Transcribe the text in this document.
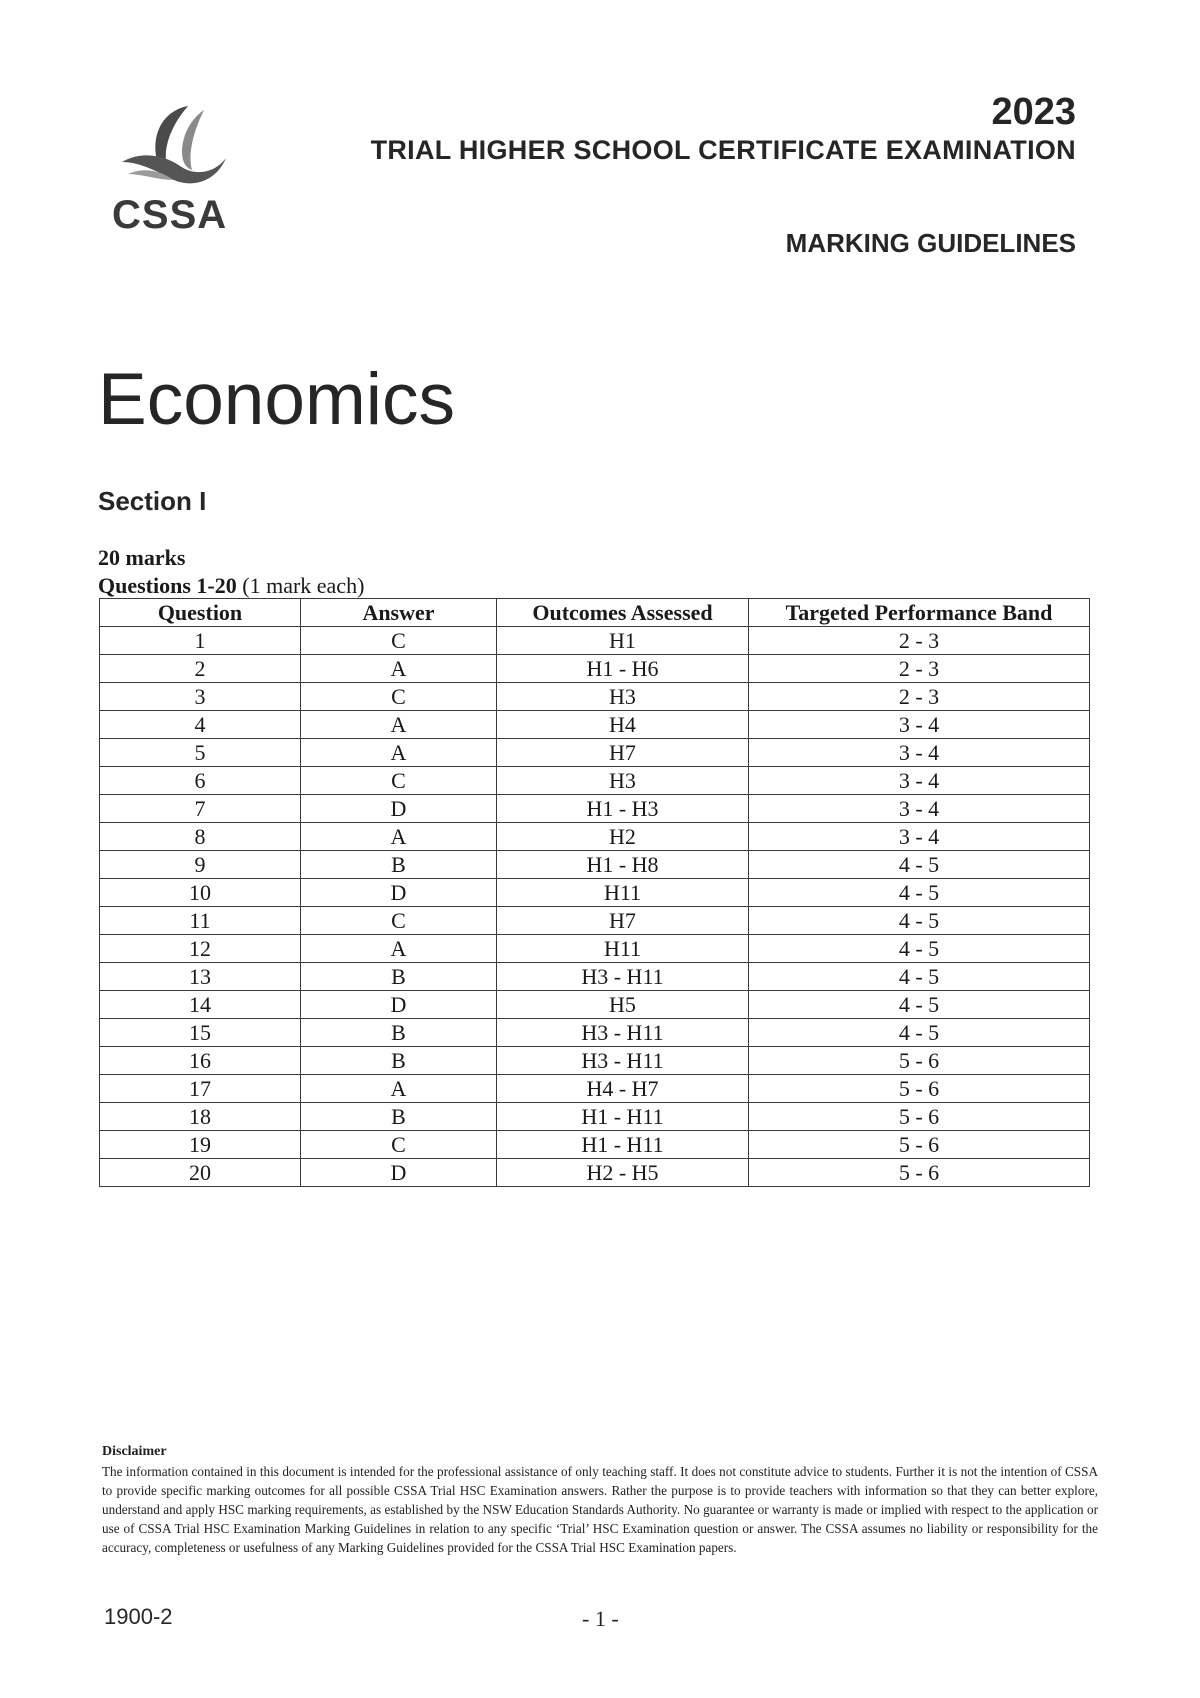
CSSA
2023
TRIAL HIGHER SCHOOL CERTIFICATE EXAMINATION
MARKING GUIDELINES
Economics
Section I
20 marks
Questions 1-20 (1 mark each)
Question	Answer	Outcomes Assessed	Targeted Performance Band
1	C	H1	2 - 3
2	A	H1 - H6	2 - 3
3	C	H3	2 - 3
4	A	H4	3 - 4
5	A	H7	3 - 4
6	C	H3	3 - 4
7	D	H1 - H3	3 - 4
8	A	H2	3 - 4
9	B	H1 - H8	4 - 5
10	D	H11	4 - 5
11	C	H7	4 - 5
12	A	H11	4 - 5
13	B	H3 - H11	4 - 5
14	D	H5	4 - 5
15	B	H3 - H11	4 - 5
16	B	H3 - H11	5 - 6
17	A	H4 - H7	5 - 6
18	B	H1 - H11	5 - 6
19	C	H1 - H11	5 - 6
20	D	H2 - H5	5 - 6
Disclaimer
The information contained in this document is intended for the professional assistance of only teaching staff. It does not constitute advice to students. Further it is not the intention of CSSA to provide specific marking outcomes for all possible CSSA Trial HSC Examination answers. Rather the purpose is to provide teachers with information so that they can better explore, understand and apply HSC marking requirements, as established by the NSW Education Standards Authority. No guarantee or warranty is made or implied with respect to the application or use of CSSA Trial HSC Examination Marking Guidelines in relation to any specific ‘Trial’ HSC Examination question or answer. The CSSA assumes no liability or responsibility for the accuracy, completeness or usefulness of any Marking Guidelines provided for the CSSA Trial HSC Examination papers.
1900-2	- 1 -
